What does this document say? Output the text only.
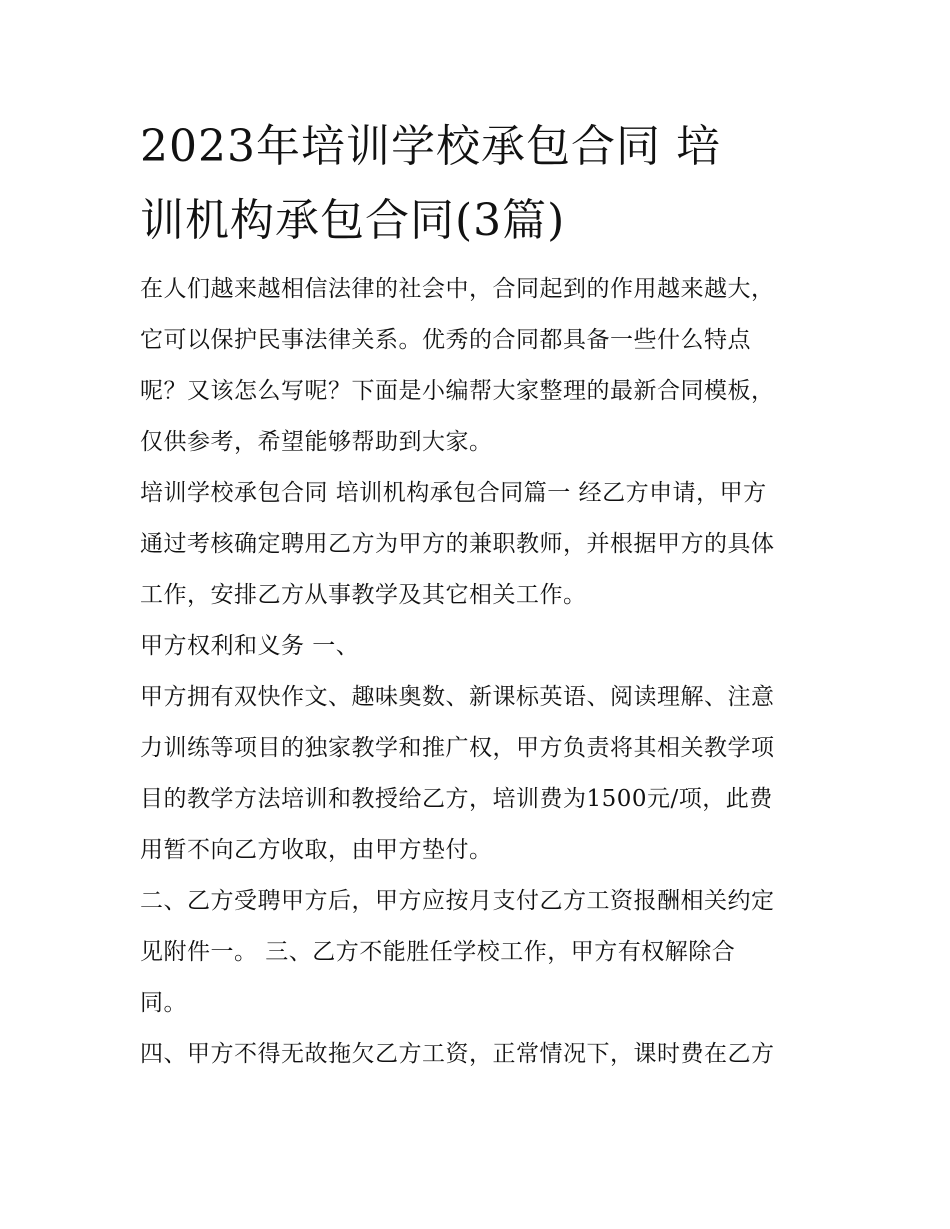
2023年培训学校承包合同 培
训机构承包合同(3篇)
在人们越来越相信法律的社会中，合同起到的作用越来越大，
它可以保护民事法律关系。优秀的合同都具备一些什么特点
呢？又该怎么写呢？下面是小编帮大家整理的最新合同模板，
仅供参考，希望能够帮助到大家。
培训学校承包合同 培训机构承包合同篇一 经乙方申请，甲方
通过考核确定聘用乙方为甲方的兼职教师，并根据甲方的具体
工作，安排乙方从事教学及其它相关工作。
甲方权利和义务 一、
甲方拥有双快作文、趣味奥数、新课标英语、阅读理解、注意
力训练等项目的独家教学和推广权，甲方负责将其相关教学项
目的教学方法培训和教授给乙方，培训费为1500元/项，此费
用暂不向乙方收取，由甲方垫付。
二、乙方受聘甲方后，甲方应按月支付乙方工资报酬相关约定
见附件一。 三、乙方不能胜任学校工作，甲方有权解除合
同。
四、甲方不得无故拖欠乙方工资，正常情况下，课时费在乙方
